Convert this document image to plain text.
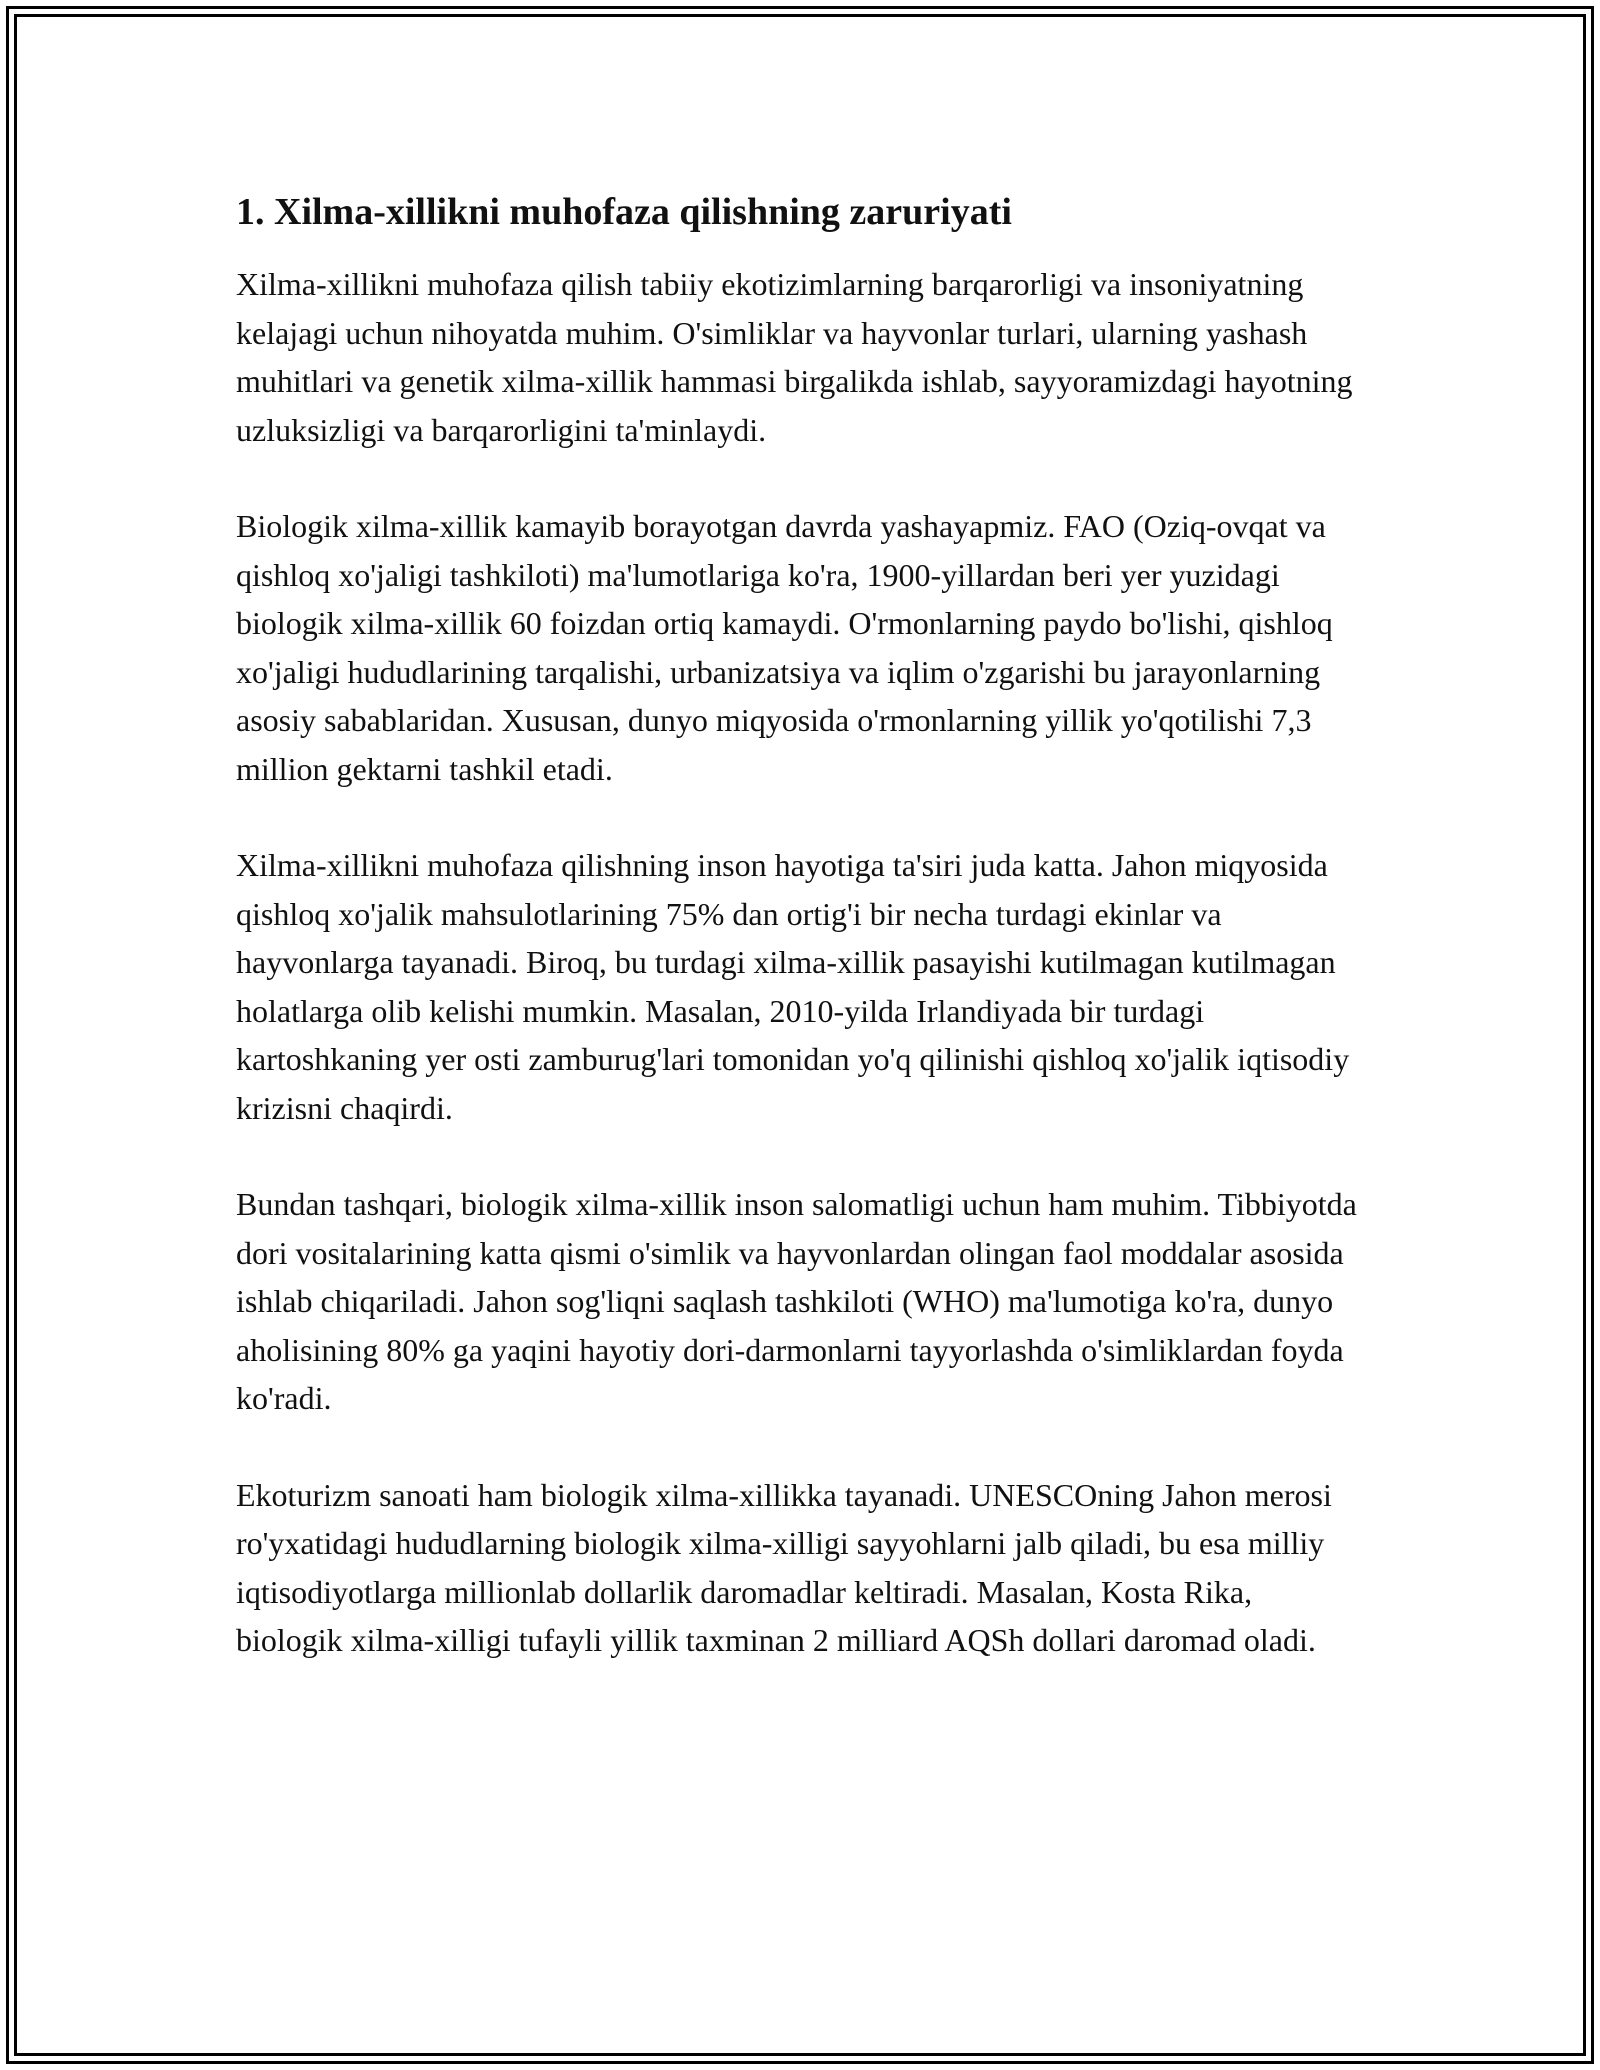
1. Xilma-xillikni muhofaza qilishning zaruriyati

Xilma-xillikni muhofaza qilish tabiiy ekotizimlarning barqarorligi va insoniyatning kelajagi uchun nihoyatda muhim. O'simliklar va hayvonlar turlari, ularning yashash muhitlari va genetik xilma-xillik hammasi birgalikda ishlab, sayyoramizdagi hayotning uzluksizligi va barqarorligini ta'minlaydi.

Biologik xilma-xillik kamayib borayotgan davrda yashayapmiz. FAO (Oziq-ovqat va qishloq xo'jaligi tashkiloti) ma'lumotlariga ko'ra, 1900-yillardan beri yer yuzidagi biologik xilma-xillik 60 foizdan ortiq kamaydi. O'rmonlarning paydo bo'lishi, qishloq xo'jaligi hududlarining tarqalishi, urbanizatsiya va iqlim o'zgarishi bu jarayonlarning asosiy sabablaridan. Xususan, dunyo miqyosida o'rmonlarning yillik yo'qotilishi 7,3 million gektarni tashkil etadi.

Xilma-xillikni muhofaza qilishning inson hayotiga ta'siri juda katta. Jahon miqyosida qishloq xo'jalik mahsulotlarining 75% dan ortig'i bir necha turdagi ekinlar va hayvonlarga tayanadi. Biroq, bu turdagi xilma-xillik pasayishi kutilmagan kutilmagan holatlarga olib kelishi mumkin. Masalan, 2010-yilda Irlandiyada bir turdagi kartoshkaning yer osti zamburug'lari tomonidan yo'q qilinishi qishloq xo'jalik iqtisodiy krizisni chaqirdi.

Bundan tashqari, biologik xilma-xillik inson salomatligi uchun ham muhim. Tibbiyotda dori vositalarining katta qismi o'simlik va hayvonlardan olingan faol moddalar asosida ishlab chiqariladi. Jahon sog'liqni saqlash tashkiloti (WHO) ma'lumotiga ko'ra, dunyo aholisining 80% ga yaqini hayotiy dori-darmonlarni tayyorlashda o'simliklardan foyda ko'radi.

Ekoturizm sanoati ham biologik xilma-xillikka tayanadi. UNESCOning Jahon merosi ro'yxatidagi hududlarning biologik xilma-xilligi sayyohlarni jalb qiladi, bu esa milliy iqtisodiyotlarga millionlab dollarlik daromadlar keltiradi. Masalan, Kosta Rika, biologik xilma-xilligi tufayli yillik taxminan 2 milliard AQSh dollari daromad oladi.
